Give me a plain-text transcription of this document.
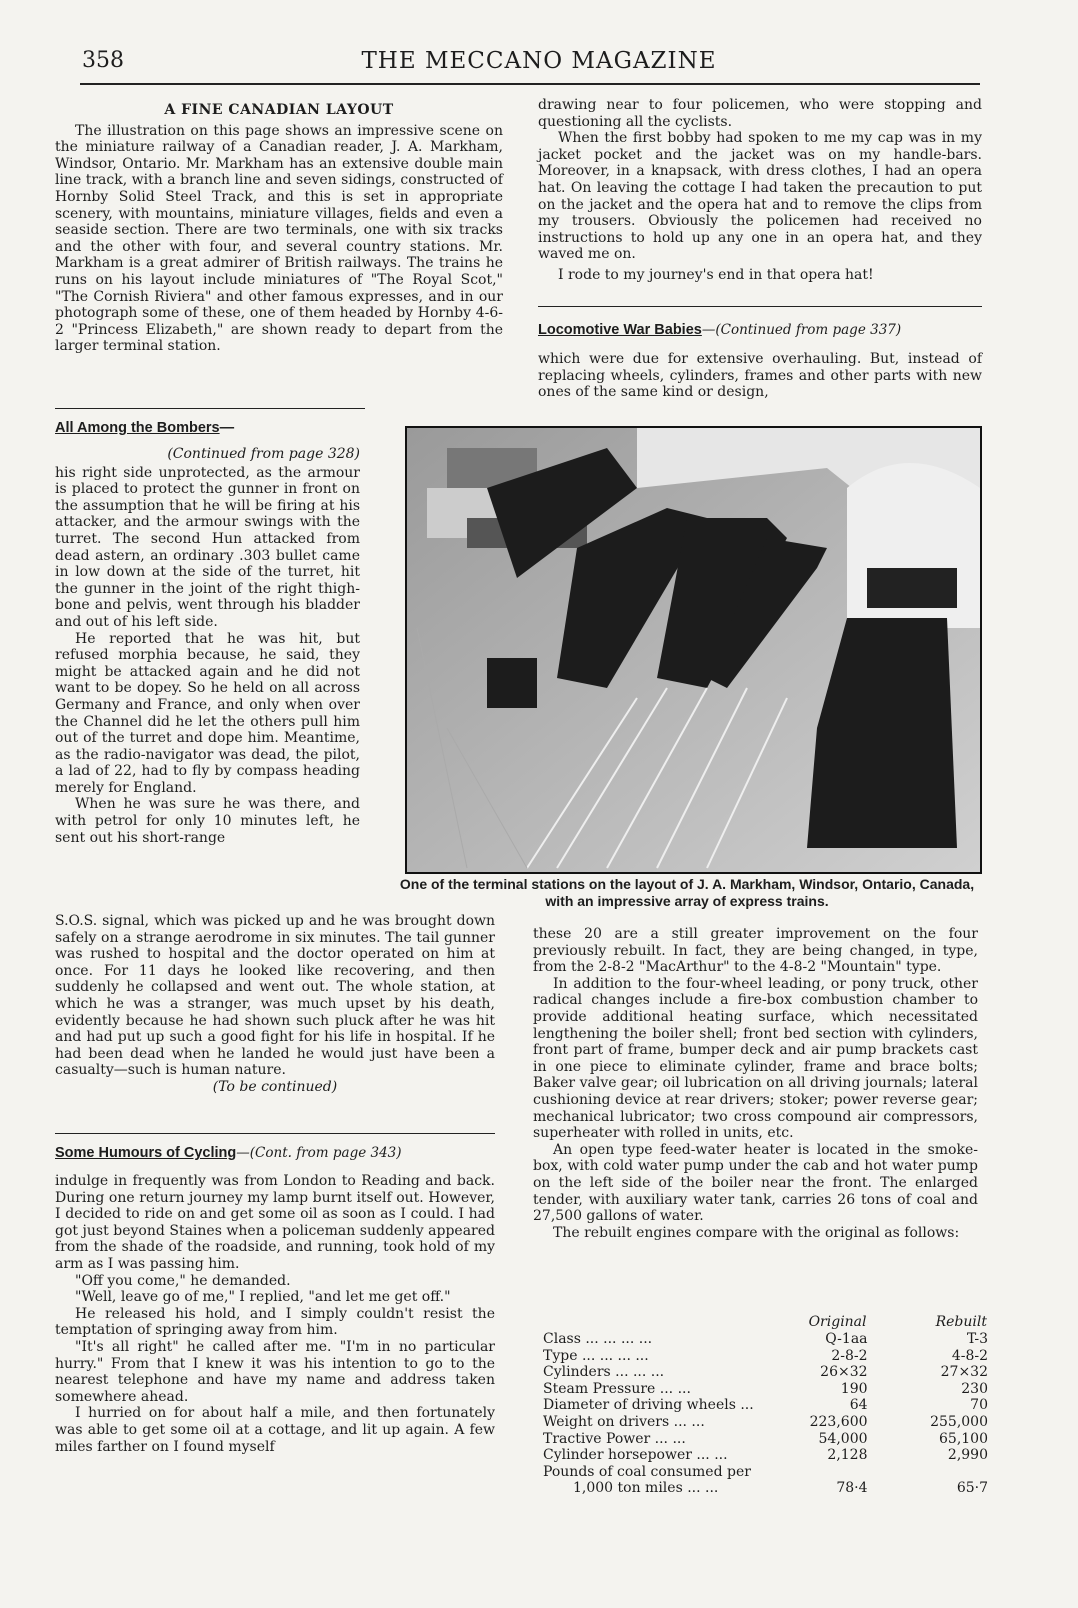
358	THE MECCANO MAGAZINE
A FINE CANADIAN LAYOUT

The illustration on this page shows an impressive scene on the miniature railway of a Canadian reader, J. A. Markham, Windsor, Ontario. Mr. Markham has an extensive double main line track, with a branch line and seven sidings, constructed of Hornby Solid Steel Track, and this is set in appropriate scenery, with mountains, miniature villages, fields and even a seaside section. There are two terminals, one with six tracks and the other with four, and several country stations. Mr. Markham is a great admirer of British railways. The trains he runs on his layout include miniatures of "The Royal Scot," "The Cornish Riviera" and other famous expresses, and in our photograph some of these, one of them headed by Hornby 4-6-2 "Princess Elizabeth," are shown ready to depart from the larger terminal station.

drawing near to four policemen, who were stopping and questioning all the cyclists.

When the first bobby had spoken to me my cap was in my jacket pocket and the jacket was on my handle-bars. Moreover, in a knapsack, with dress clothes, I had an opera hat. On leaving the cottage I had taken the precaution to put on the jacket and the opera hat and to remove the clips from my trousers. Obviously the policemen had received no instructions to hold up any one in an opera hat, and they waved me on.

I rode to my journey's end in that opera hat!

Locomotive War Babies—(Continued from page 337)

which were due for extensive overhauling. But, instead of replacing wheels, cylinders, frames and other parts with new ones of the same kind or design,

All Among the Bombers—
(Continued from page 328)

his right side unprotected, as the armour is placed to protect the gunner in front on the assumption that he will be firing at his attacker, and the armour swings with the turret. The second Hun attacked from dead astern, an ordinary .303 bullet came in low down at the side of the turret, hit the gunner in the joint of the right thigh-bone and pelvis, went through his bladder and out of his left side.

He reported that he was hit, but refused morphia because, he said, they might be attacked again and he did not want to be dopey. So he held on all across Germany and France, and only when over the Channel did he let the others pull him out of the turret and dope him. Meantime, as the radio-navigator was dead, the pilot, a lad of 22, had to fly by compass heading merely for England.

When he was sure he was there, and with petrol for only 10 minutes left, he sent out his short-range

One of the terminal stations on the layout of J. A. Markham, Windsor, Ontario, Canada, with an impressive array of express trains.

S.O.S. signal, which was picked up and he was brought down safely on a strange aerodrome in six minutes. The tail gunner was rushed to hospital and the doctor operated on him at once. For 11 days he looked like recovering, and then suddenly he collapsed and went out. The whole station, at which he was a stranger, was much upset by his death, evidently because he had shown such pluck after he was hit and had put up such a good fight for his life in hospital. If he had been dead when he landed he would just have been a casualty—such is human nature.

(To be continued)
Some Humours of Cycling—(Cont. from page 343)

indulge in frequently was from London to Reading and back. During one return journey my lamp burnt itself out. However, I decided to ride on and get some oil as soon as I could. I had got just beyond Staines when a policeman suddenly appeared from the shade of the roadside, and running, took hold of my arm as I was passing him.

"Off you come," he demanded.

"Well, leave go of me," I replied, "and let me get off."

He released his hold, and I simply couldn't resist the temptation of springing away from him.

"It's all right" he called after me. "I'm in no particular hurry." From that I knew it was his intention to go to the nearest telephone and have my name and address taken somewhere ahead.

I hurried on for about half a mile, and then fortunately was able to get some oil at a cottage, and lit up again. A few miles farther on I found myself

these 20 are a still greater improvement on the four previously rebuilt. In fact, they are being changed, in type, from the 2-8-2 "MacArthur" to the 4-8-2 "Mountain" type.

In addition to the four-wheel leading, or pony truck, other radical changes include a fire-box combustion chamber to provide additional heating surface, which necessitated lengthening the boiler shell; front bed section with cylinders, front part of frame, bumper deck and air pump brackets cast in one piece to eliminate cylinder, frame and brace bolts; Baker valve gear; oil lubrication on all driving journals; lateral cushioning device at rear drivers; stoker; power reverse gear; mechanical lubricator; two cross compound air compressors, superheater with rolled in units, etc.

An open type feed-water heater is located in the smoke-box, with cold water pump under the cab and hot water pump on the left side of the boiler near the front. The enlarged tender, with auxiliary water tank, carries 26 tons of coal and 27,500 gallons of water.

The rebuilt engines compare with the original as follows:

	Original	Rebuilt
Class ... ... ... ...	Q-1aa	T-3
Type ... ... ... ...	2-8-2	4-8-2
Cylinders ... ... ...	26×32	27×32
Steam Pressure ... ...	190	230
Diameter of driving wheels ...	64	70
Weight on drivers ... ...	223,600	255,000
Tractive Power ... ...	54,000	65,100
Cylinder horsepower ... ...	2,128	2,990
Pounds of coal consumed per		
1,000 ton miles ... ...	78·4	65·7
